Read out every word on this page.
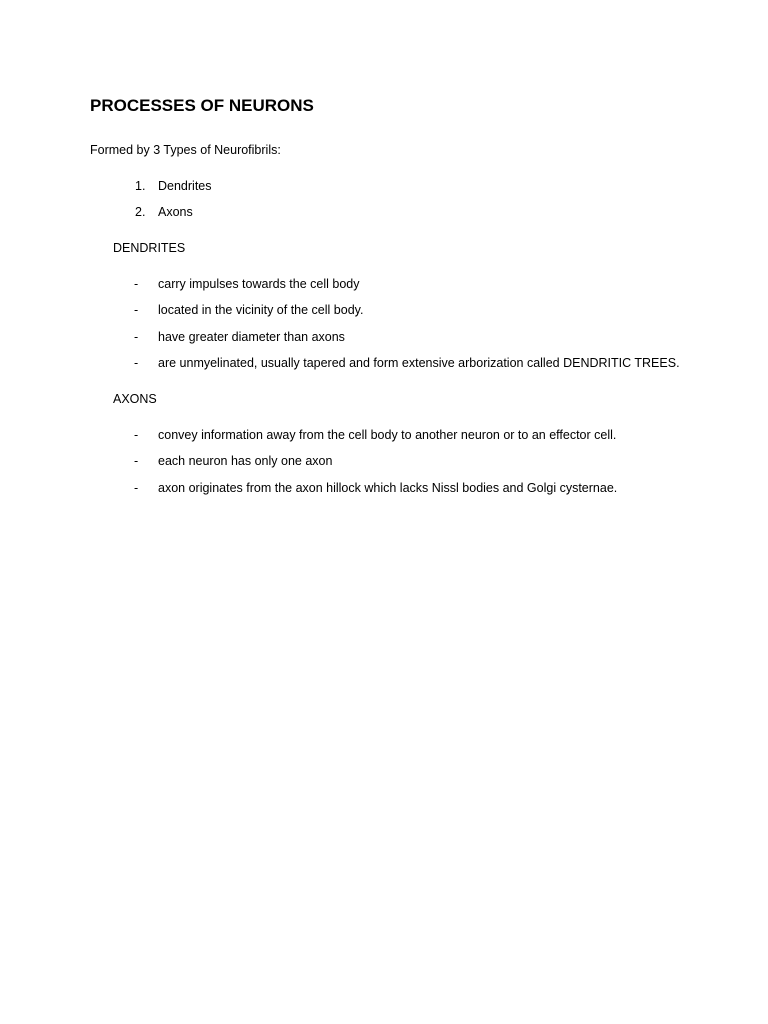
PROCESSES OF NEURONS
Formed by 3 Types of Neurofibrils:
1. Dendrites
2. Axons
DENDRITES
- carry impulses towards the cell body
- located in the vicinity of the cell body.
- have greater diameter than axons
- are unmyelinated, usually tapered and form extensive arborization called DENDRITIC TREES.
AXONS
- convey information away from the cell body to another neuron or to an effector cell.
- each neuron has only one axon
- axon originates from the axon hillock which lacks Nissl bodies and Golgi cysternae.
